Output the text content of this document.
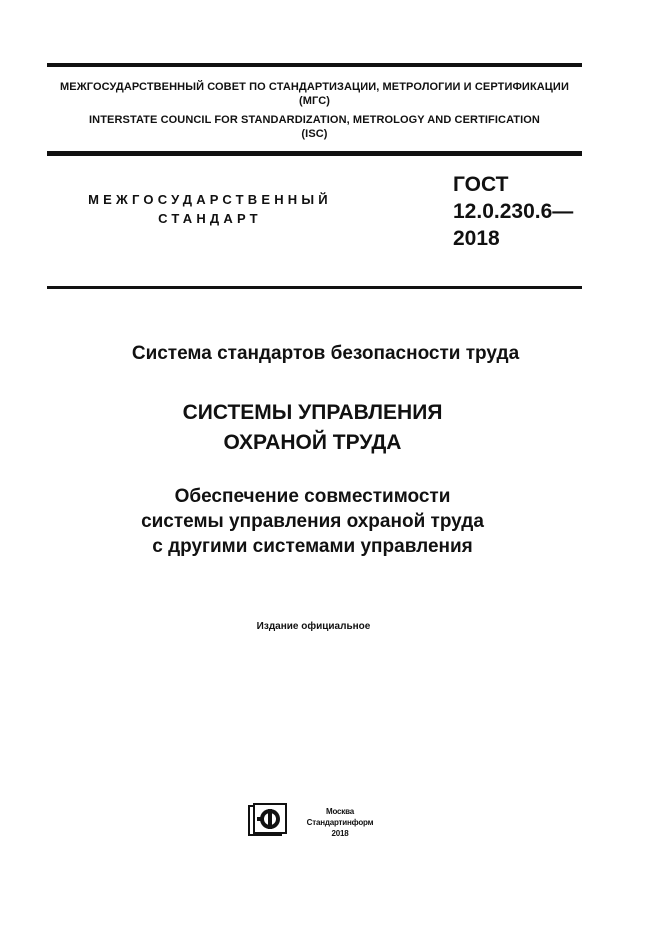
МЕЖГОСУДАРСТВЕННЫЙ СОВЕТ ПО СТАНДАРТИЗАЦИИ, МЕТРОЛОГИИ И СЕРТИФИКАЦИИ
(МГС)
INTERSTATE COUNCIL FOR STANDARDIZATION, METROLOGY AND CERTIFICATION
(ISC)
МЕЖГОСУДАРСТВЕННЫЙ
СТАНДАРТ
ГОСТ
12.0.230.6—
2018
Система стандартов безопасности труда
СИСТЕМЫ УПРАВЛЕНИЯ
ОХРАНОЙ ТРУДА
Обеспечение совместимости
системы управления охраной труда
с другими системами управления
Издание официальное
Москва
Стандартинформ
2018
